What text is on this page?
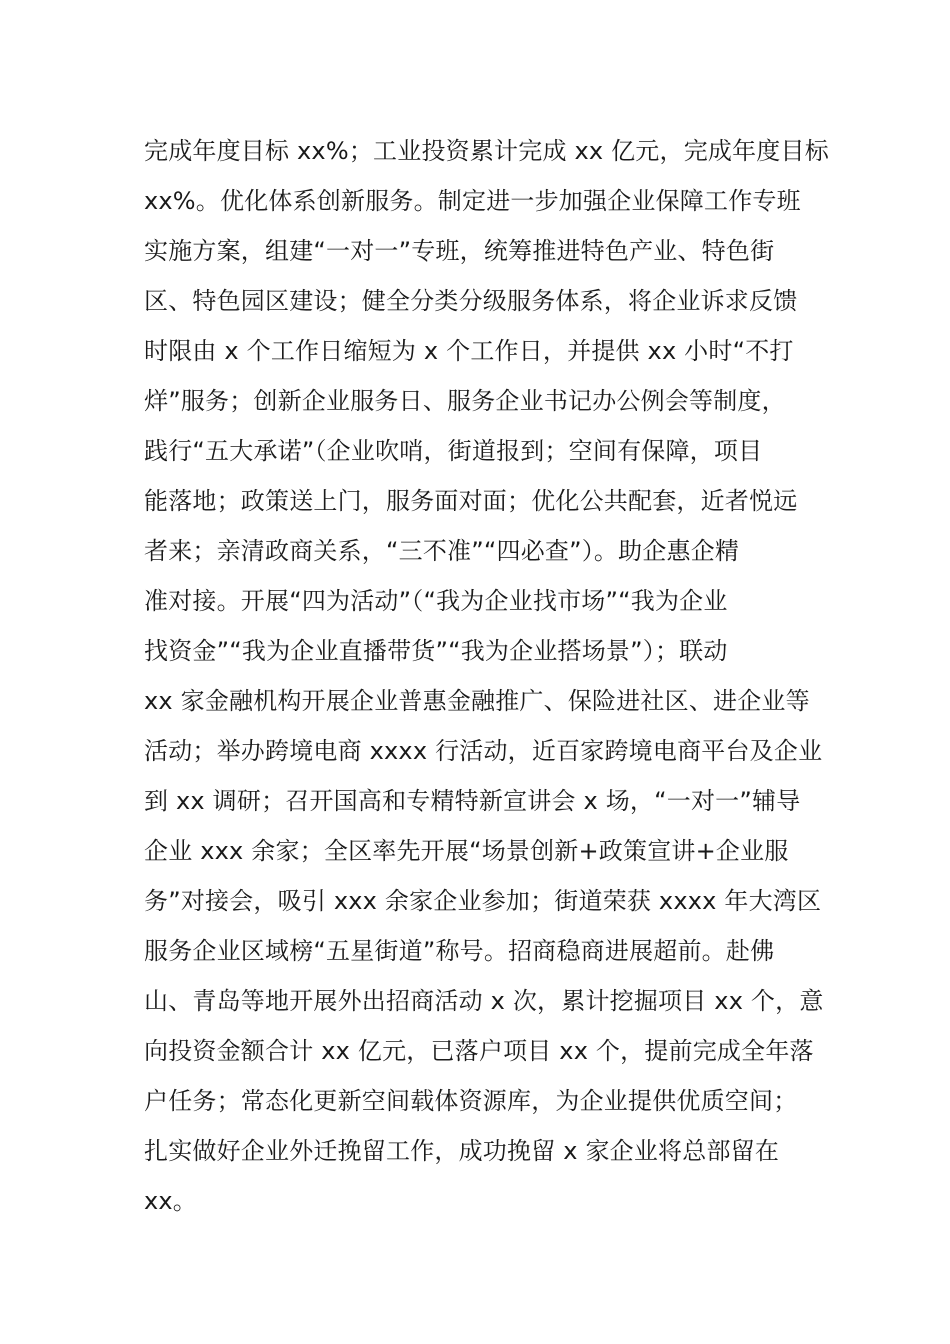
完成年度目标 xx%；工业投资累计完成 xx 亿元，完成年度目标
xx%。优化体系创新服务。制定进一步加强企业保障工作专班
实施方案，组建“一对一”专班，统筹推进特色产业、特色街
区、特色园区建设；健全分类分级服务体系，将企业诉求反馈
时限由 x 个工作日缩短为 x 个工作日，并提供 xx 小时“不打
烊”服务；创新企业服务日、服务企业书记办公例会等制度，
践行“五大承诺”（企业吹哨，街道报到；空间有保障，项目
能落地；政策送上门，服务面对面；优化公共配套，近者悦远
者来；亲清政商关系，“三不准”“四必查”）。助企惠企精
准对接。开展“四为活动”（“我为企业找市场”“我为企业
找资金”“我为企业直播带货”“我为企业搭场景”）；联动
xx 家金融机构开展企业普惠金融推广、保险进社区、进企业等
活动；举办跨境电商 xxxx 行活动，近百家跨境电商平台及企业
到 xx 调研；召开国高和专精特新宣讲会 x 场，“一对一”辅导
企业 xxx 余家；全区率先开展“场景创新+政策宣讲+企业服
务”对接会，吸引 xxx 余家企业参加；街道荣获 xxxx 年大湾区
服务企业区域榜“五星街道”称号。招商稳商进展超前。赴佛
山、青岛等地开展外出招商活动 x 次，累计挖掘项目 xx 个，意
向投资金额合计 xx 亿元，已落户项目 xx 个，提前完成全年落
户任务；常态化更新空间载体资源库，为企业提供优质空间；
扎实做好企业外迁挽留工作，成功挽留 x 家企业将总部留在
xx。
